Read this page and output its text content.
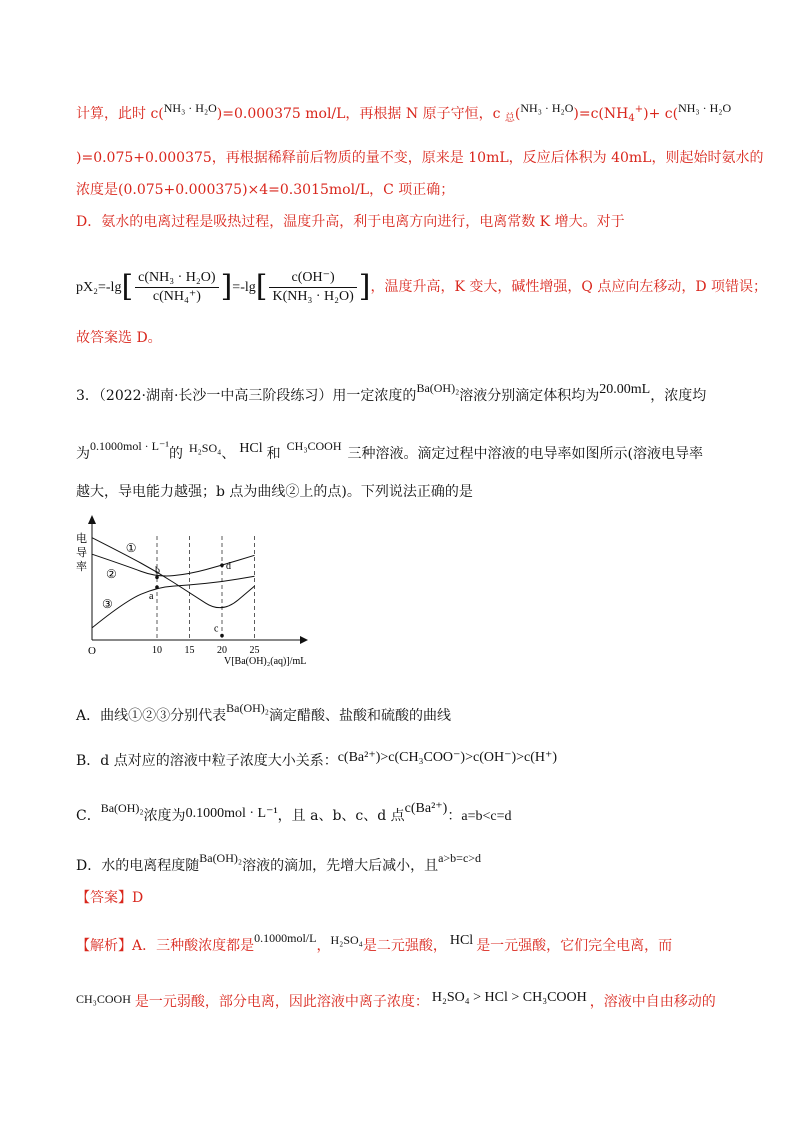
计算，此时 c(NH₃ · H₂O)=0.000375 mol/L，再根据 N 原子守恒，c $_总(NH_3 \cdot H_2O)=c(NH_4^+)+ c(NH_3 \cdot H_2O$
)=0.075+0.000375，再根据稀释前后物质的量不变，原来是 10mL，反应后体积为 40mL，则起始时氨水的
浓度是(0.075+0.000375)×4=0.3015mol/L，C 项正确；
D．氨水的电离过程是吸热过程，温度升高，利于电离方向进行，电离常数 K 增大。对于
$pX_2=-\lg[ \frac{\text{c(NH₃ · H₂O)}}{\text{c(NH₄⁺)}} ]=-\lg[ \frac{c(OH^-)}{\text{K(NH₃ · H₂O)}}$ ]，温度升高，K 变大，碱性增强，Q 点应向左移动，D 项错误；
故答案选 D。
3．（2022·湖南·长沙一中高三阶段练习）用一定浓度的Ba(OH)₂溶液分别滴定体积均为20.00mL，浓度均
为0.1000mol · L⁻¹的 H₂SO₄、 HCl 和 CH₃COOH 三种溶液。滴定过程中溶液的电导率如图所示(溶液电导率
越大，导电能力越强；b 点为曲线②上的点)。下列说法正确的是
电
导
率
10 15 20 25
①
②
③
a
b
c
d
O
V[Ba(OH)₂(aq)]/mL
A．曲线①②③分别代表Ba(OH)₂滴定醋酸、盐酸和硫酸的曲线
B．d 点对应的溶液中粒子浓度大小关系：c(Ba²⁺)>c(CH₃COO⁻)>c(OH⁻)>c(H⁺)
C．Ba(OH)₂浓度为0.1000mol · L⁻¹，且 a、b、c、d 点c(Ba²⁺)：a=b<c=d
D．水的电离程度随Ba(OH)₂溶液的滴加，先增大后减小，且a>b=c>d
【答案】D
【解析】A．三种酸浓度都是0.1000mol/L，H₂SO₄是二元强酸， HCl 是一元强酸，它们完全电离，而
CH₃COOH 是一元弱酸，部分电离，因此溶液中离子浓度： H₂SO₄ > HCl > CH₃COOH ，溶液中自由移动的
